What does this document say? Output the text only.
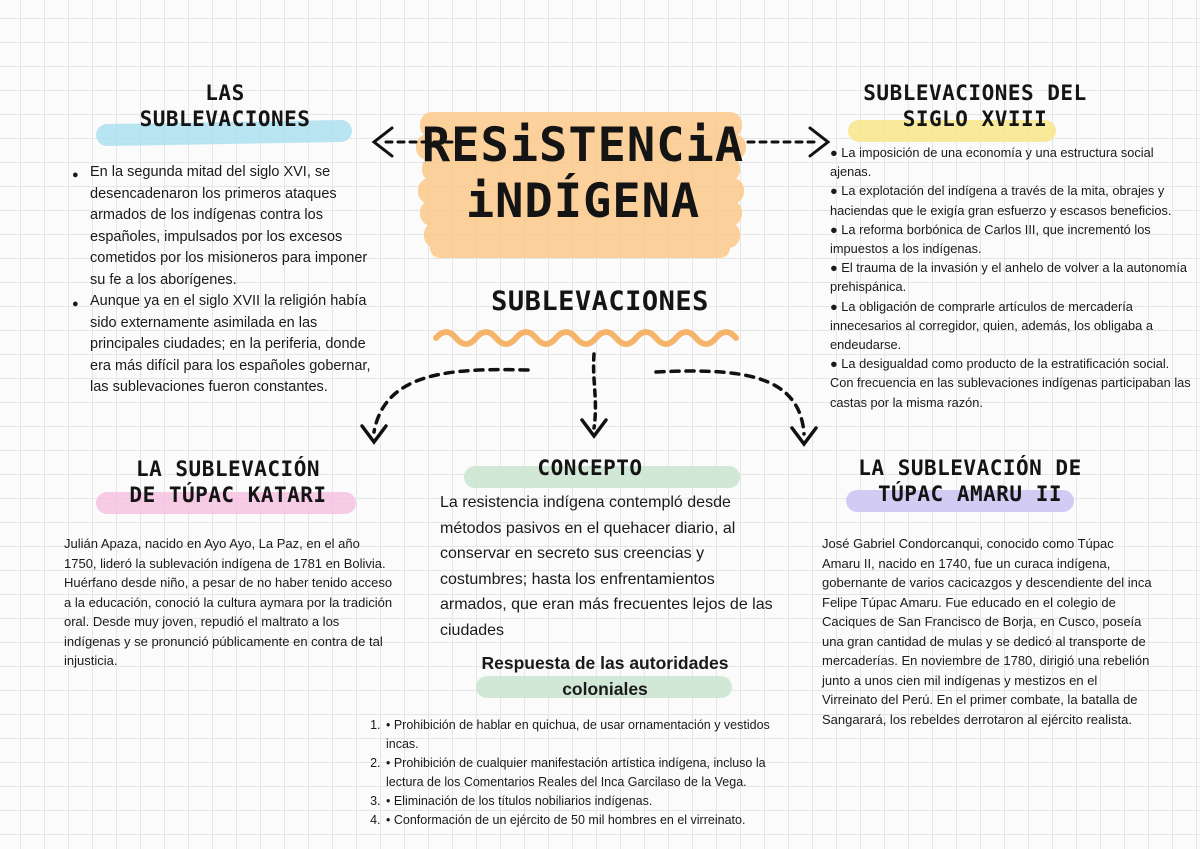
RESiSTENCiA
iNDÍGENA
SUBLEVACIONES
LAS
SUBLEVACIONES
● En la segunda mitad del siglo XVI, se desencadenaron los primeros ataques armados de los indígenas contra los españoles, impulsados por los excesos cometidos por los misioneros para imponer su fe a los aborígenes.
● Aunque ya en el siglo XVII la religión había sido externamente asimilada en las principales ciudades; en la periferia, donde era más difícil para los españoles gobernar, las sublevaciones fueron constantes.
SUBLEVACIONES DEL
SIGLO XVIII
● La imposición de una economía y una estructura social ajenas.
● La explotación del indígena a través de la mita, obrajes y haciendas que le exigía gran esfuerzo y escasos beneficios.
● La reforma borbónica de Carlos III, que incrementó los impuestos a los indígenas.
● El trauma de la invasión y el anhelo de volver a la autonomía prehispánica.
● La obligación de comprarle artículos de mercadería innecesarios al corregidor, quien, además, los obligaba a endeudarse.
● La desigualdad como producto de la estratificación social. Con frecuencia en las sublevaciones indígenas participaban las castas por la misma razón.
LA SUBLEVACIÓN
DE TÚPAC KATARI

Julián Apaza, nacido en Ayo Ayo, La Paz, en el año 1750, lideró la sublevación indígena de 1781 en Bolivia. Huérfano desde niño, a pesar de no haber tenido acceso a la educación, conoció la cultura aymara por la tradición oral. Desde muy joven, repudió el maltrato a los indígenas y se pronunció públicamente en contra de tal injusticia.

CONCEPTO

La resistencia indígena contempló desde métodos pasivos en el quehacer diario, al conservar en secreto sus creencias y costumbres; hasta los enfrentamientos armados, que eran más frecuentes lejos de las ciudades

Respuesta de las autoridades
coloniales
1. • Prohibición de hablar en quichua, de usar ornamentación y vestidos incas.
2. • Prohibición de cualquier manifestación artística indígena, incluso la lectura de los Comentarios Reales del Inca Garcilaso de la Vega.
3. • Eliminación de los títulos nobiliarios indígenas.
4. • Conformación de un ejército de 50 mil hombres en el virreinato.
LA SUBLEVACIÓN DE
TÚPAC AMARU II

José Gabriel Condorcanqui, conocido como Túpac Amaru II, nacido en 1740, fue un curaca indígena, gobernante de varios cacicazgos y descendiente del inca Felipe Túpac Amaru. Fue educado en el colegio de Caciques de San Francisco de Borja, en Cusco, poseía una gran cantidad de mulas y se dedicó al transporte de mercaderías. En noviembre de 1780, dirigió una rebelión junto a unos cien mil indígenas y mestizos en el Virreinato del Perú. En el primer combate, la batalla de Sangarará, los rebeldes derrotaron al ejército realista.
